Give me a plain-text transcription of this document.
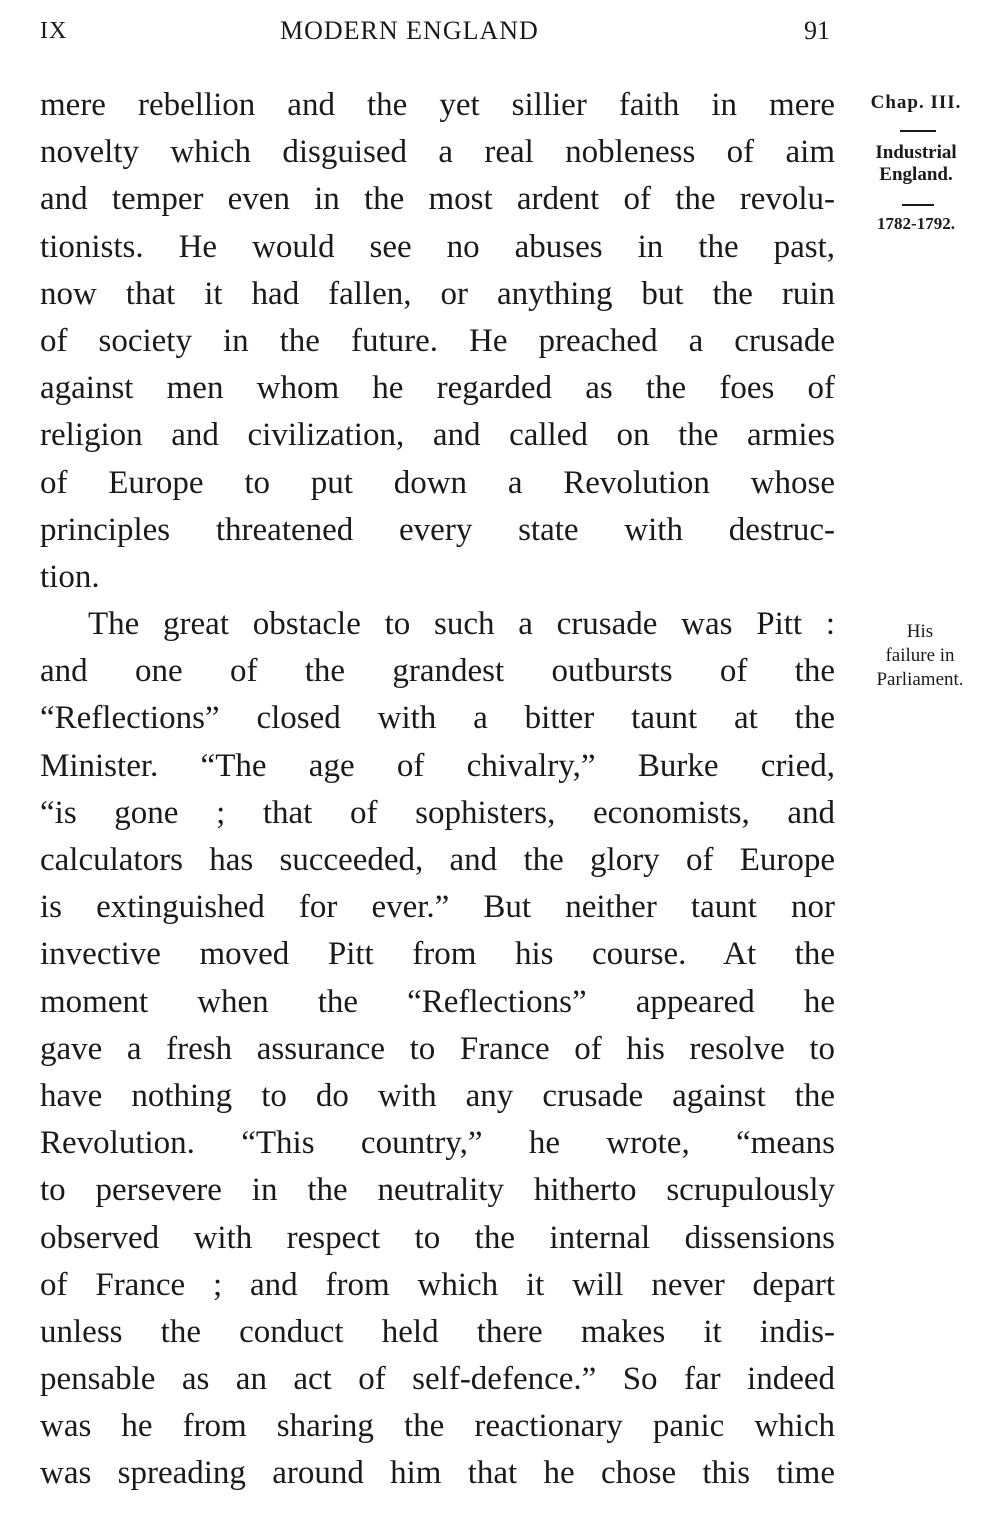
IX	MODERN ENGLAND	91
Chap. III.
Industrial
England.
1782-1792.
His
failure in
Parliament.
mere rebellion and the yet sillier faith in mere
novelty which disguised a real nobleness of aim
and temper even in the most ardent of the revolu-
tionists. He would see no abuses in the past,
now that it had fallen, or anything but the ruin
of society in the future. He preached a crusade
against men whom he regarded as the foes of
religion and civilization, and called on the armies
of Europe to put down a Revolution whose
principles threatened every state with destruc-
tion.
The great obstacle to such a crusade was Pitt :
and one of the grandest outbursts of the
“Reflections” closed with a bitter taunt at the
Minister. “The age of chivalry,” Burke cried,
“is gone ; that of sophisters, economists, and
calculators has succeeded, and the glory of Europe
is extinguished for ever.” But neither taunt nor
invective moved Pitt from his course. At the
moment when the “Reflections” appeared he
gave a fresh assurance to France of his resolve to
have nothing to do with any crusade against the
Revolution. “This country,” he wrote, “means
to persevere in the neutrality hitherto scrupulously
observed with respect to the internal dissensions
of France ; and from which it will never depart
unless the conduct held there makes it indis-
pensable as an act of self-defence.” So far indeed
was he from sharing the reactionary panic which
was spreading around him that he chose this time
